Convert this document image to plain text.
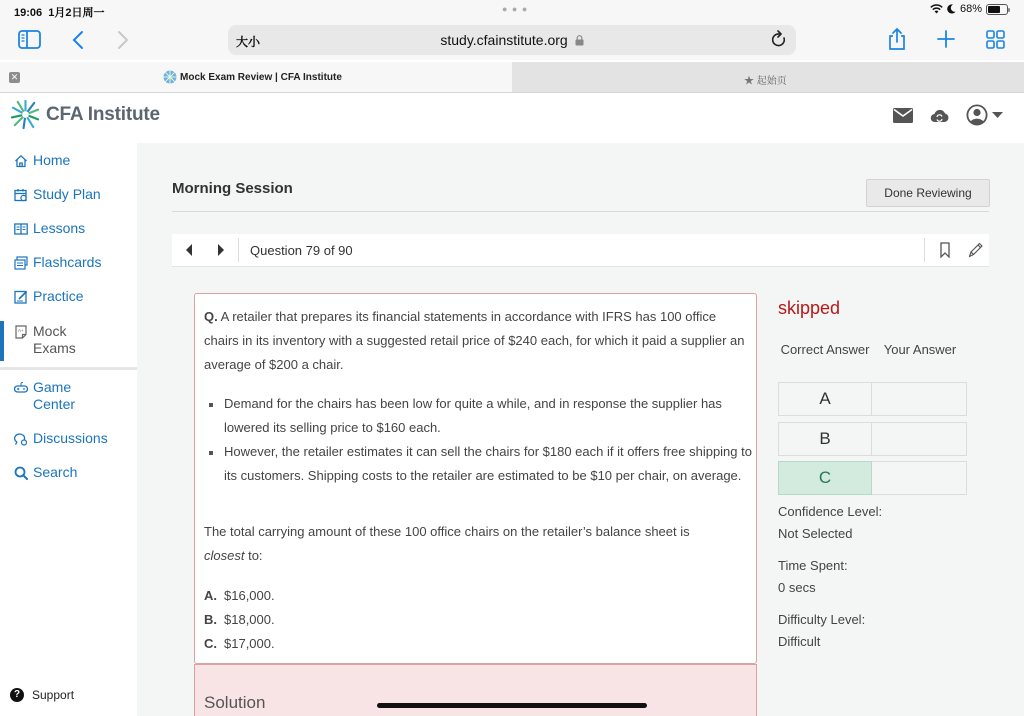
19:06 1月2日周一	● ● ●	68%
大小	study.cfainstitute.org
✕	Mock Exam Review | CFA Institute	★ 起始页
CFA Institute
Home
Study Plan
Lessons
Flashcards
Practice
A+ Mock
Exams
Game
Center
Discussions
Search
? Support
Morning Session	Done Reviewing
Question 79 of 90

Q. A retailer that prepares its financial statements in accordance with IFRS has 100 office chairs in its inventory with a suggested retail price of $240 each, for which it paid a supplier an average of $200 a chair.

Demand for the chairs has been low for quite a while, and in response the supplier has lowered its selling price to $160 each.
However, the retailer estimates it can sell the chairs for $180 each if it offers free shipping to its customers. Shipping costs to the retailer are estimated to be $10 per chair, on average.

The total carrying amount of these 100 office chairs on the retailer’s balance sheet is
closest to:

A. $16,000.
B. $18,000.
C. $17,000.
Solution
skipped
Correct Answer	Your Answer
A
B
C
Confidence Level:
Not Selected
Time Spent:
0 secs
Difficulty Level:
Difficult
